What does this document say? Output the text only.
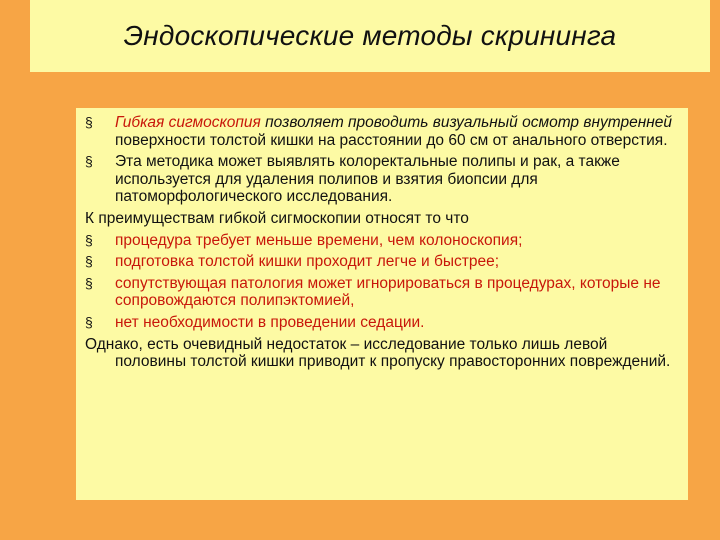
Эндоскопические методы скрининга
§	Гибкая сигмоскопия позволяет проводить визуальный осмотр внутренней поверхности толстой кишки на расстоянии до 60 см от анального отверстия.
§	Эта методика может выявлять колоректальные полипы и рак, а также используется для удаления полипов и взятия биопсии для патоморфологического исследования.
К преимуществам гибкой сигмоскопии относят то что
§	процедура требует меньше времени, чем колоноскопия;
§	подготовка толстой кишки проходит легче и быстрее;
§	сопутствующая патология может игнорироваться в процедурах, которые не сопровождаются полипэктомией,
§	нет необходимости в проведении седации.
Однако, есть очевидный недостаток – исследование только лишь левой половины толстой кишки приводит к пропуску правосторонних повреждений.
